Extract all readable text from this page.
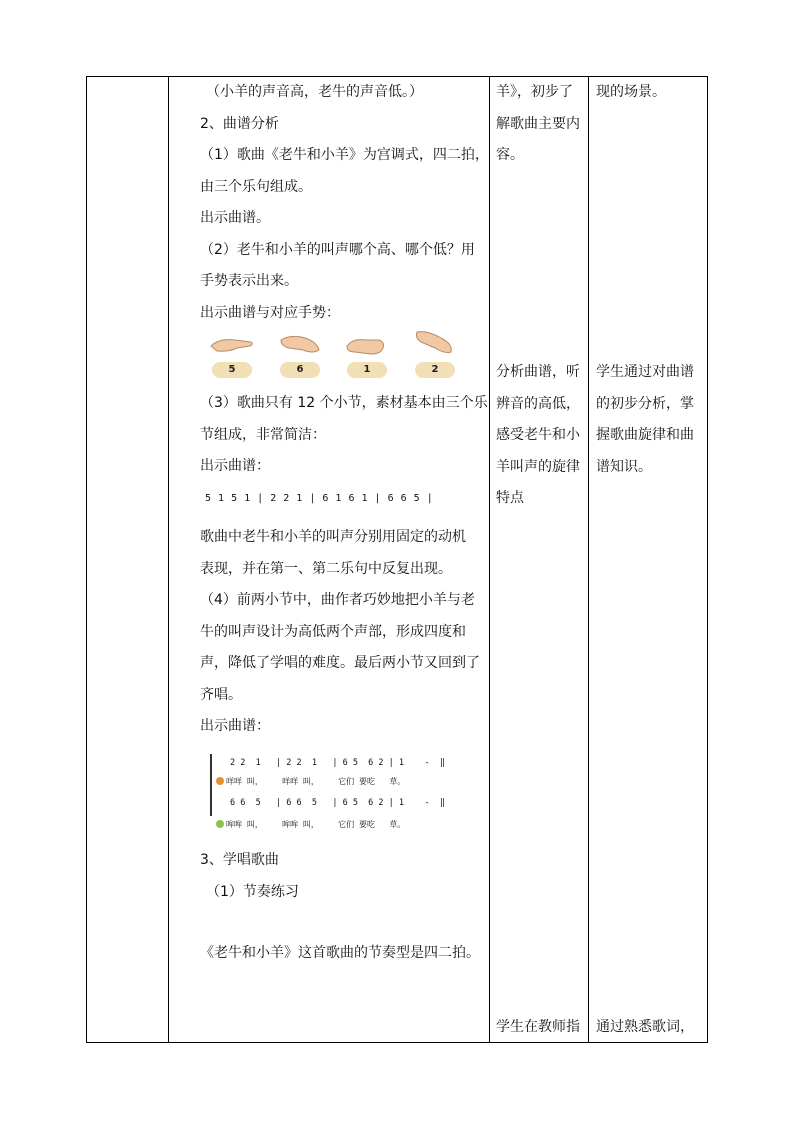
（小羊的声音高，老牛的声音低。）

2、曲谱分析

（1）歌曲《老牛和小羊》为宫调式，四二拍，

由三个乐句组成。

出示曲谱。

（2）老牛和小羊的叫声哪个高、哪个低？用

手势表示出来。

出示曲谱与对应手势：

5	6	1	2

（3）歌曲只有 12 个小节，素材基本由三个乐

节组成，非常简洁：

出示曲谱：

5 1 5 1 | 2 2 1 | 6 1 6 1 | 6 6 5 |

歌曲中老牛和小羊的叫声分别用固定的动机

表现，并在第一、第二乐句中反复出现。

（4）前两小节中，曲作者巧妙地把小羊与老

牛的叫声设计为高低两个声部，形成四度和

声，降低了学唱的难度。最后两小节又回到了

齐唱。

出示曲谱：

2 2  1   | 2 2  1   | 6 5  6 2 | 1    -  ‖
咩咩 叫，    咩咩 叫，    它们 要吃   草。
6 6  5   | 6 6  5   | 6 5  6 2 | 1    -  ‖
哞哞 叫，    哞哞 叫，    它们 要吃   草。

3、学唱歌曲

（1）节奏练习

《老牛和小羊》这首歌曲的节奏型是四二拍。

羊》，初步了

解歌曲主要内

容。

分析曲谱，听

辨音的高低，

感受老牛和小

羊叫声的旋律

特点

学生在教师指

现的场景。

学生通过对曲谱

的初步分析，掌

握歌曲旋律和曲

谱知识。

通过熟悉歌词，
